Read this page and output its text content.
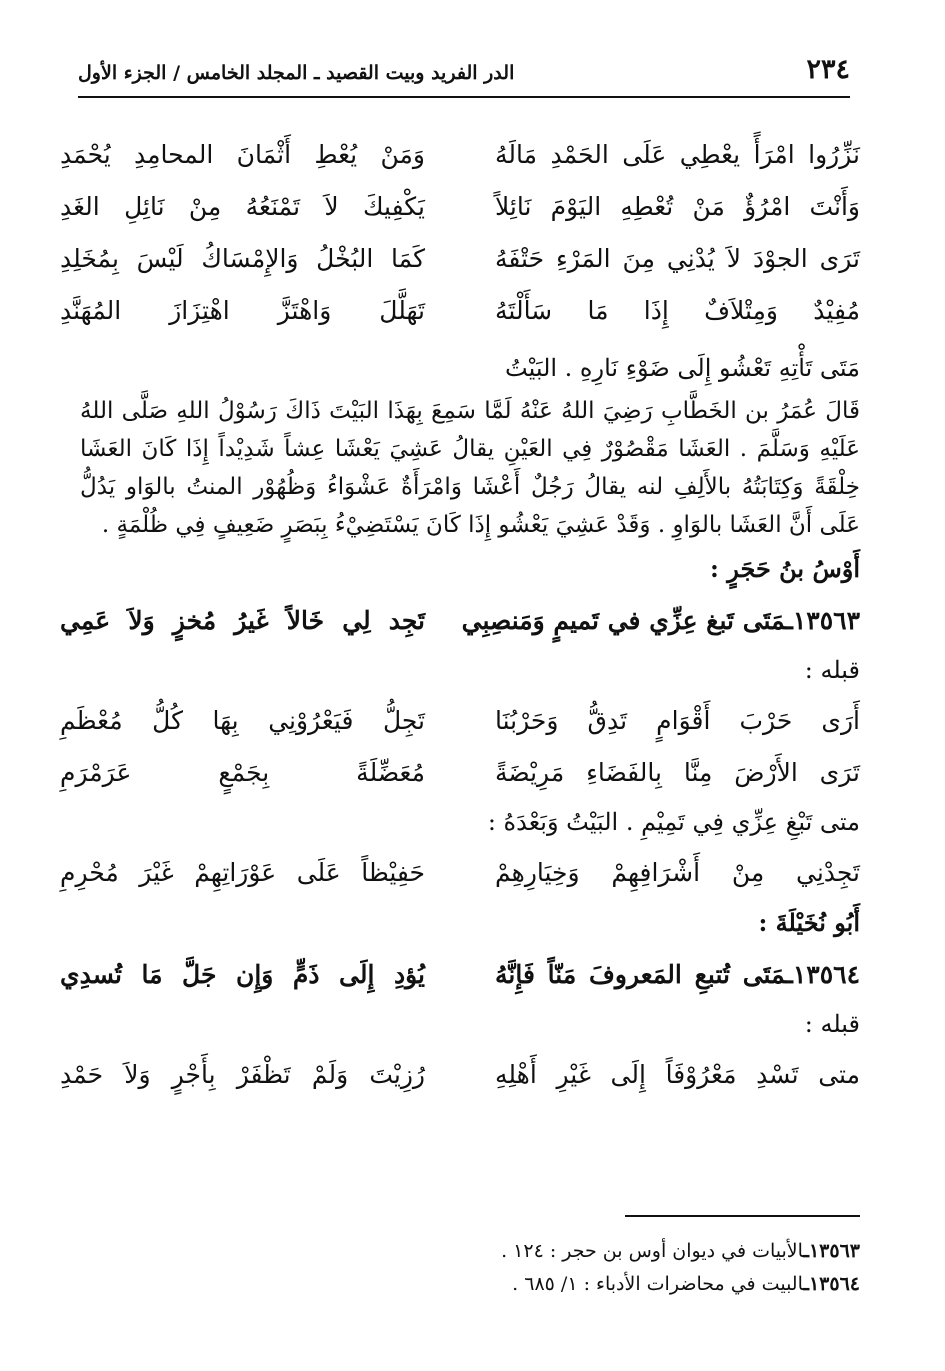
٢٣٤
الدر الفريد وبيت القصيد ـ المجلد الخامس / الجزء الأول
نَزِّرُوا امْرَأً يعْطِي عَلَى الحَمْدِ مَالَهُ
وَمَنْ يُعْطِ أَثْمَانَ المحامِدِ يُحْمَدِ
وَأَنْتَ امْرُؤٌ مَنْ تُعْطِهِ اليَوْمَ نَائِلاً
يَكْفِيكَ لاَ تَمْنَعُهُ مِنْ نَائِلِ الغَدِ
تَرَى الجوْدَ لاَ يُدْنِي مِنَ المَرْءِ حَتْفَهُ
كَمَا البُخْلُ وَالإِمْسَاكُ لَيْسَ بِمُخَلِدِ
مُفِيْدٌ وَمِتْلاَفٌ إِذَا مَا سَأَلْتَهُ
تَهَلَّلَ وَاهْتَزَّ اهْتِزَازَ المُهَنَّدِ
مَتَى تَأْتِهِ تَعْشُو إِلَى ضَوْءِ نَارِهِ . البَيْتُ
قَالَ عُمَرُ بن الخَطَّابِ رَضِيَ اللهُ عَنْهُ لَمَّا سَمِعَ بِهَذَا البَيْتَ ذَاكَ رَسُوْلُ اللهِ صَلَّى اللهُ عَلَيْهِ وَسَلَّمَ . العَشَا مَقْصُوْرٌ فِي العَيْنِ يقالُ عَشِيَ يَعْشَا عِشاً شَدِيْداً إِذَا كَانَ العَشَا خِلْقَةً وَكِتَابَتُهُ بالأَلِفِ لنه يقالُ رَجُلٌ أَعْشَا وَامْرَأَةٌ عَشْوَاءُ وَظُهُوْر المنتُ بالوَاو يَدُلُّ عَلَى أَنَّ العَشَا بالوَاوِ . وَقَدْ عَشِيَ يَعْشُو إِذَا كَانَ يَسْتَضِيْءُ بِبَصَرٍ ضَعِيفٍ فِي ظُلْمَةٍ .
أَوْسُ بنُ حَجَرٍ :
١٣٥٦٣ـمَتَى تَبغ عِزِّي في تَميمٍ وَمَنصِبِي
تَجِد لِي خَالاً غَيرُ مُخزٍ وَلاَ عَمِي
قبله :
أَرَى حَرْبَ أَقْوَامٍ تَدِقُّ وَحَرْبُنَا
تَجِلُّ فَيَعْرُوْنِي بِهَا كُلُّ مُعْظَمِ
تَرَى الأَرْضَ مِنَّا بِالفَضَاءِ مَرِيْضَةً
مُعَضِّلَةً بِجَمْعٍ عَرَمْرَمِ
متى تَبْغِ عِزِّي فِي تَمِيْمِ . البَيْتُ وَبَعْدَهُ :
تَجِدْنِي مِنْ أَشْرَافِهِمْ وَخِيَارِهِمْ
حَفِيْظاً عَلَى عَوْرَاتِهِمْ غَيْرَ مُحْرِمِ
أَبُو نُخَيْلَةَ :
١٣٥٦٤ـمَتَى تُتبعِ المَعروفَ مَنّاً فَإِنَّهُ
يُؤدِ إِلَى ذَمٍّ وَإِن جَلَّ مَا تُسدِي
قبله :
متى تَسْدِ مَعْرُوْفَاً إِلَى غَيْرِ أَهْلِهِ
رُزِيْتَ وَلَمْ تَظْفَرْ بِأَجْرٍ وَلاَ حَمْدِ
١٣٥٦٣ـالأبيات في ديوان أوس بن حجر : ١٢٤ .
١٣٥٦٤ـالبيت في محاضرات الأدباء : ١/ ٦٨٥ .
